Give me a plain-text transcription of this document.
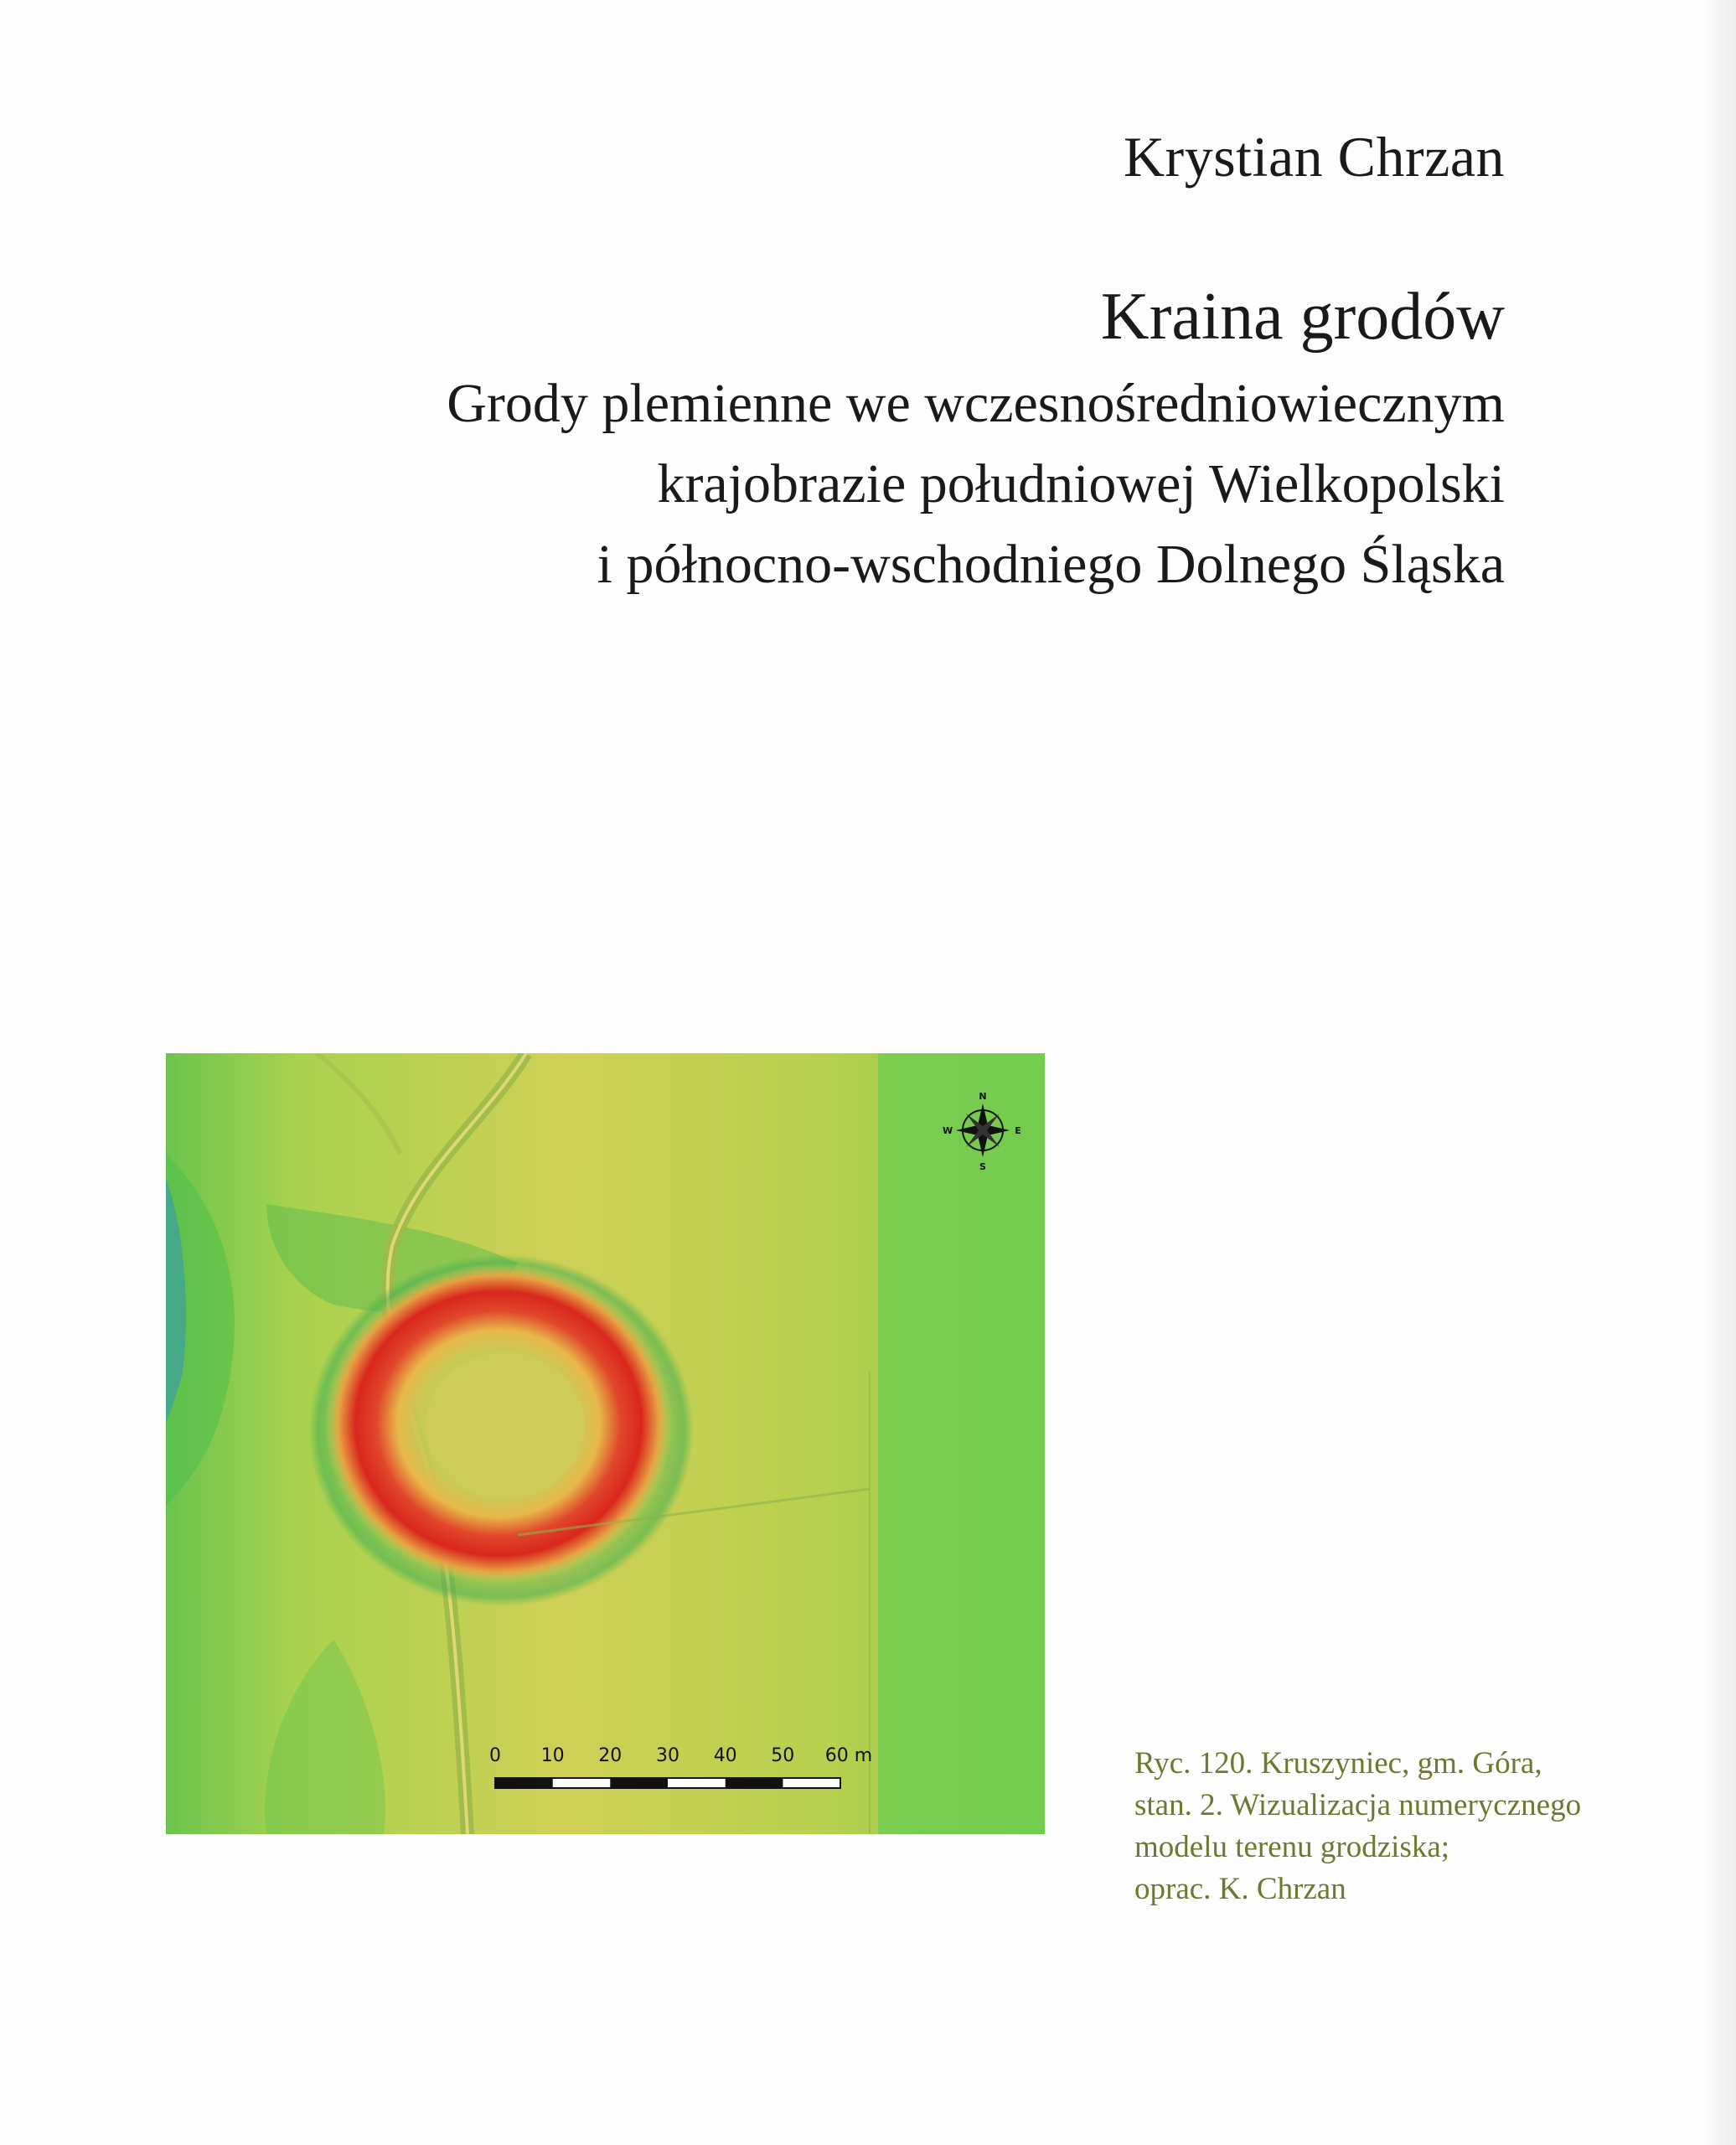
Krystian Chrzan
Kraina grodów
Grody plemienne we wczesnośredniowiecznym
krajobrazie południowej Wielkopolski
i północno-wschodniego Dolnego Śląska
0 10 20 30 40 50 60 m
N
E
S
W
Ryc. 120. Kruszyniec, gm. Góra,
stan. 2. Wizualizacja numerycznego
modelu terenu grodziska;
oprac. K. Chrzan
